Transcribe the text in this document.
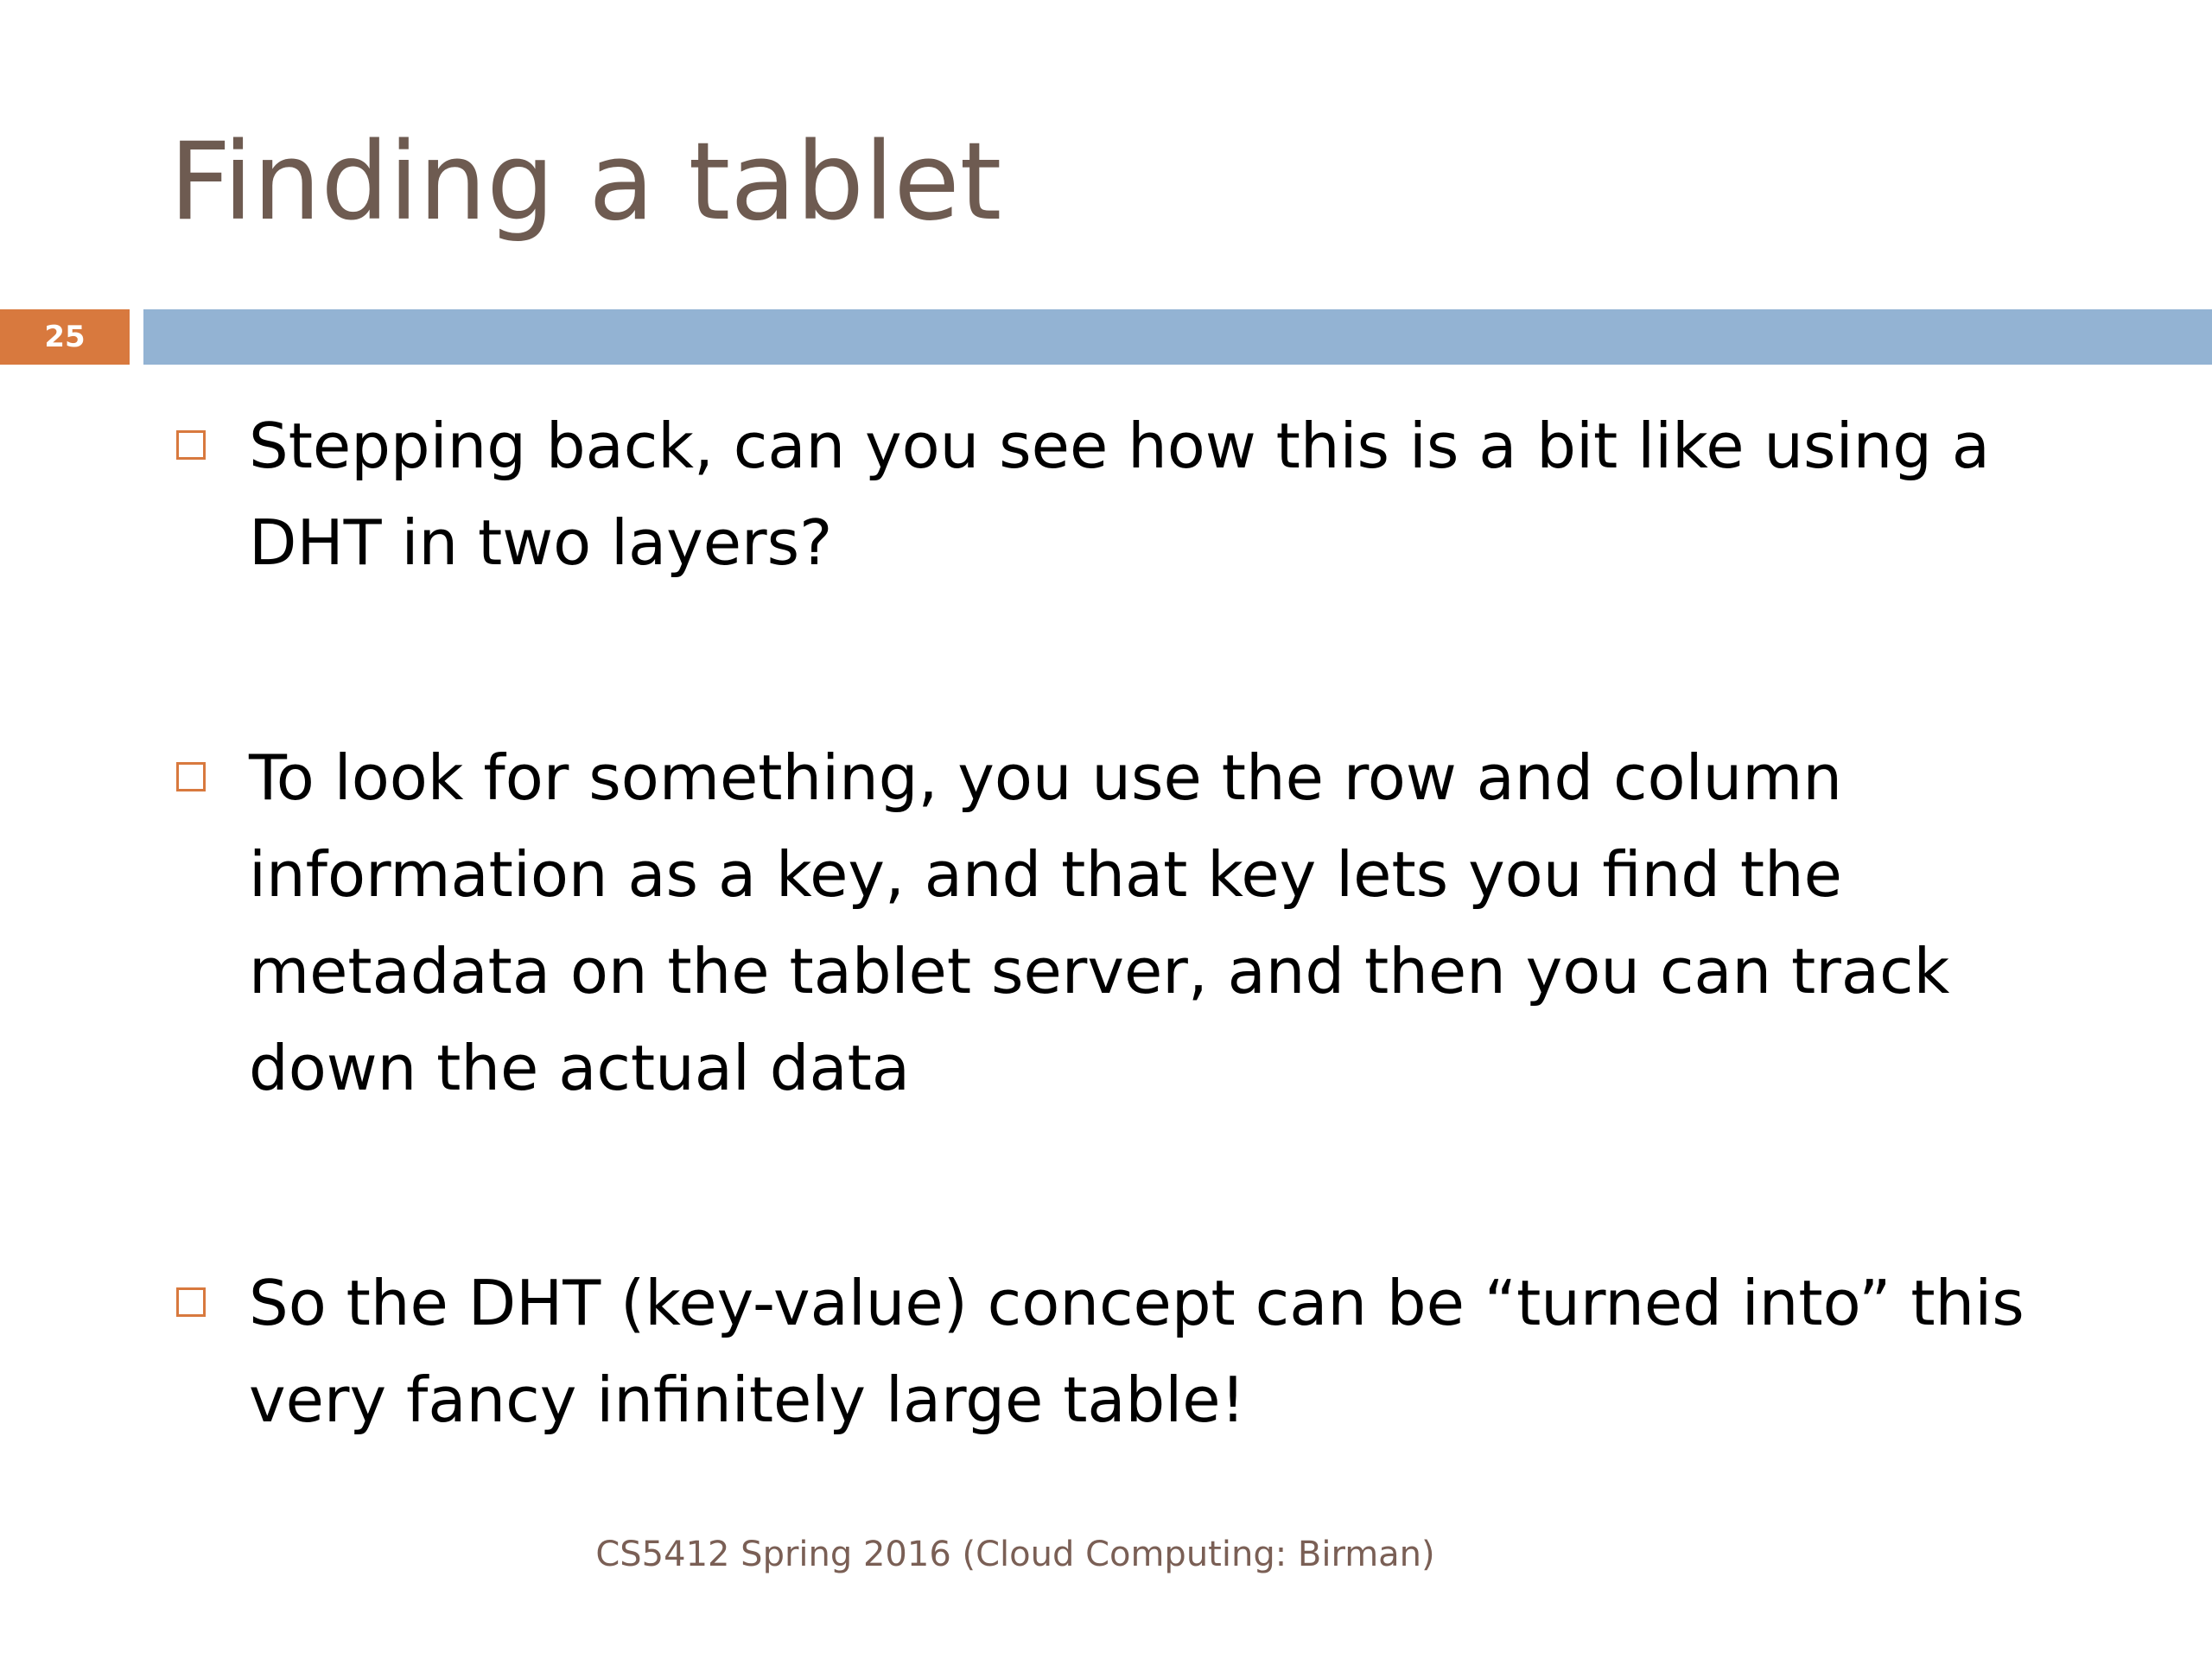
Finding a tablet
25
Stepping back, can you see how this is a bit like using a DHT in two layers?
To look for something, you use the row and column information as a key, and that key lets you find the metadata on the tablet server, and then you can track down the actual data
So the DHT (key-value) concept can be “turned into” this very fancy infinitely large table!
CS5412 Spring 2016 (Cloud Computing: Birman)
